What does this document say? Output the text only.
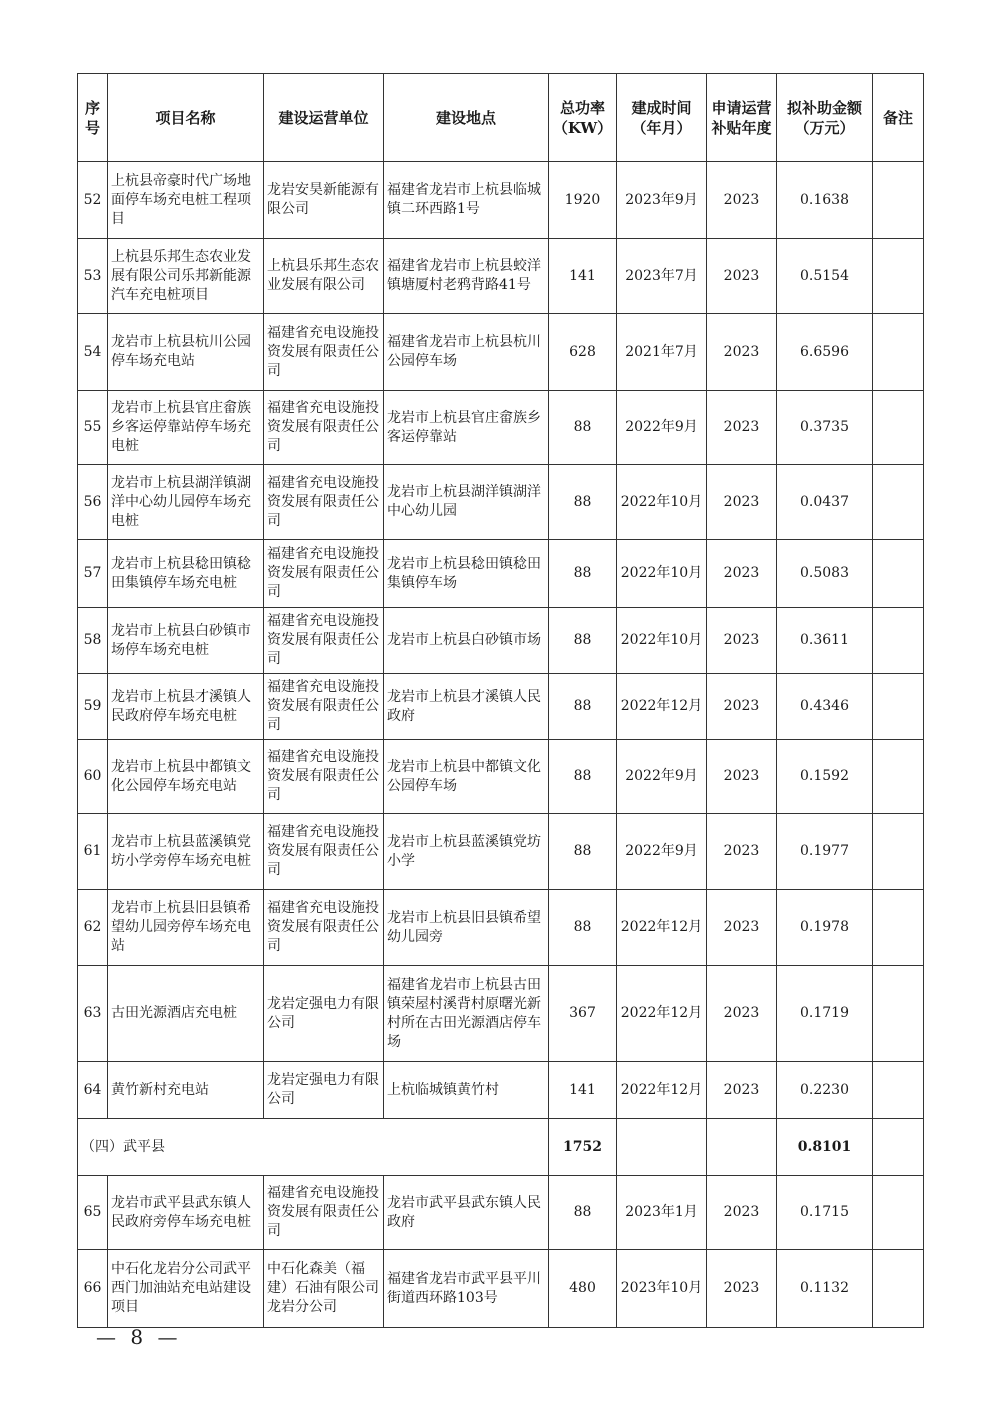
序号	项目名称	建设运营单位	建设地点	总功率（KW）	建成时间（年月）	申请运营补贴年度	拟补助金额（万元）	备注
52	上杭县帝豪时代广场地面停车场充电桩工程项目	龙岩安昊新能源有限公司	福建省龙岩市上杭县临城镇二环西路1号	1920	2023年9月	2023	0.1638	
53	上杭县乐邦生态农业发展有限公司乐邦新能源汽车充电桩项目	上杭县乐邦生态农业发展有限公司	福建省龙岩市上杭县蛟洋镇塘厦村老鸦背路41号	141	2023年7月	2023	0.5154	
54	龙岩市上杭县杭川公园停车场充电站	福建省充电设施投资发展有限责任公司	福建省龙岩市上杭县杭川公园停车场	628	2021年7月	2023	6.6596	
55	龙岩市上杭县官庄畲族乡客运停靠站停车场充电桩	福建省充电设施投资发展有限责任公司	龙岩市上杭县官庄畲族乡客运停靠站	88	2022年9月	2023	0.3735	
56	龙岩市上杭县湖洋镇湖洋中心幼儿园停车场充电桩	福建省充电设施投资发展有限责任公司	龙岩市上杭县湖洋镇湖洋中心幼儿园	88	2022年10月	2023	0.0437	
57	龙岩市上杭县稔田镇稔田集镇停车场充电桩	福建省充电设施投资发展有限责任公司	龙岩市上杭县稔田镇稔田集镇停车场	88	2022年10月	2023	0.5083	
58	龙岩市上杭县白砂镇市场停车场充电桩	福建省充电设施投资发展有限责任公司	龙岩市上杭县白砂镇市场	88	2022年10月	2023	0.3611	
59	龙岩市上杭县才溪镇人民政府停车场充电桩	福建省充电设施投资发展有限责任公司	龙岩市上杭县才溪镇人民政府	88	2022年12月	2023	0.4346	
60	龙岩市上杭县中都镇文化公园停车场充电站	福建省充电设施投资发展有限责任公司	龙岩市上杭县中都镇文化公园停车场	88	2022年9月	2023	0.1592	
61	龙岩市上杭县蓝溪镇党坊小学旁停车场充电桩	福建省充电设施投资发展有限责任公司	龙岩市上杭县蓝溪镇党坊小学	88	2022年9月	2023	0.1977	
62	龙岩市上杭县旧县镇希望幼儿园旁停车场充电站	福建省充电设施投资发展有限责任公司	龙岩市上杭县旧县镇希望幼儿园旁	88	2022年12月	2023	0.1978	
63	古田光源酒店充电桩	龙岩定强电力有限公司	福建省龙岩市上杭县古田镇荣屋村溪背村原曙光新村所在古田光源酒店停车场	367	2022年12月	2023	0.1719	
64	黄竹新村充电站	龙岩定强电力有限公司	上杭临城镇黄竹村	141	2022年12月	2023	0.2230	
（四）武平县				1752			0.8101	
65	龙岩市武平县武东镇人民政府旁停车场充电桩	福建省充电设施投资发展有限责任公司	龙岩市武平县武东镇人民政府	88	2023年1月	2023	0.1715	
66	中石化龙岩分公司武平西门加油站充电站建设项目	中石化森美（福建）石油有限公司龙岩分公司	福建省龙岩市武平县平川街道西环路103号	480	2023年10月	2023	0.1132	
— 8 —
